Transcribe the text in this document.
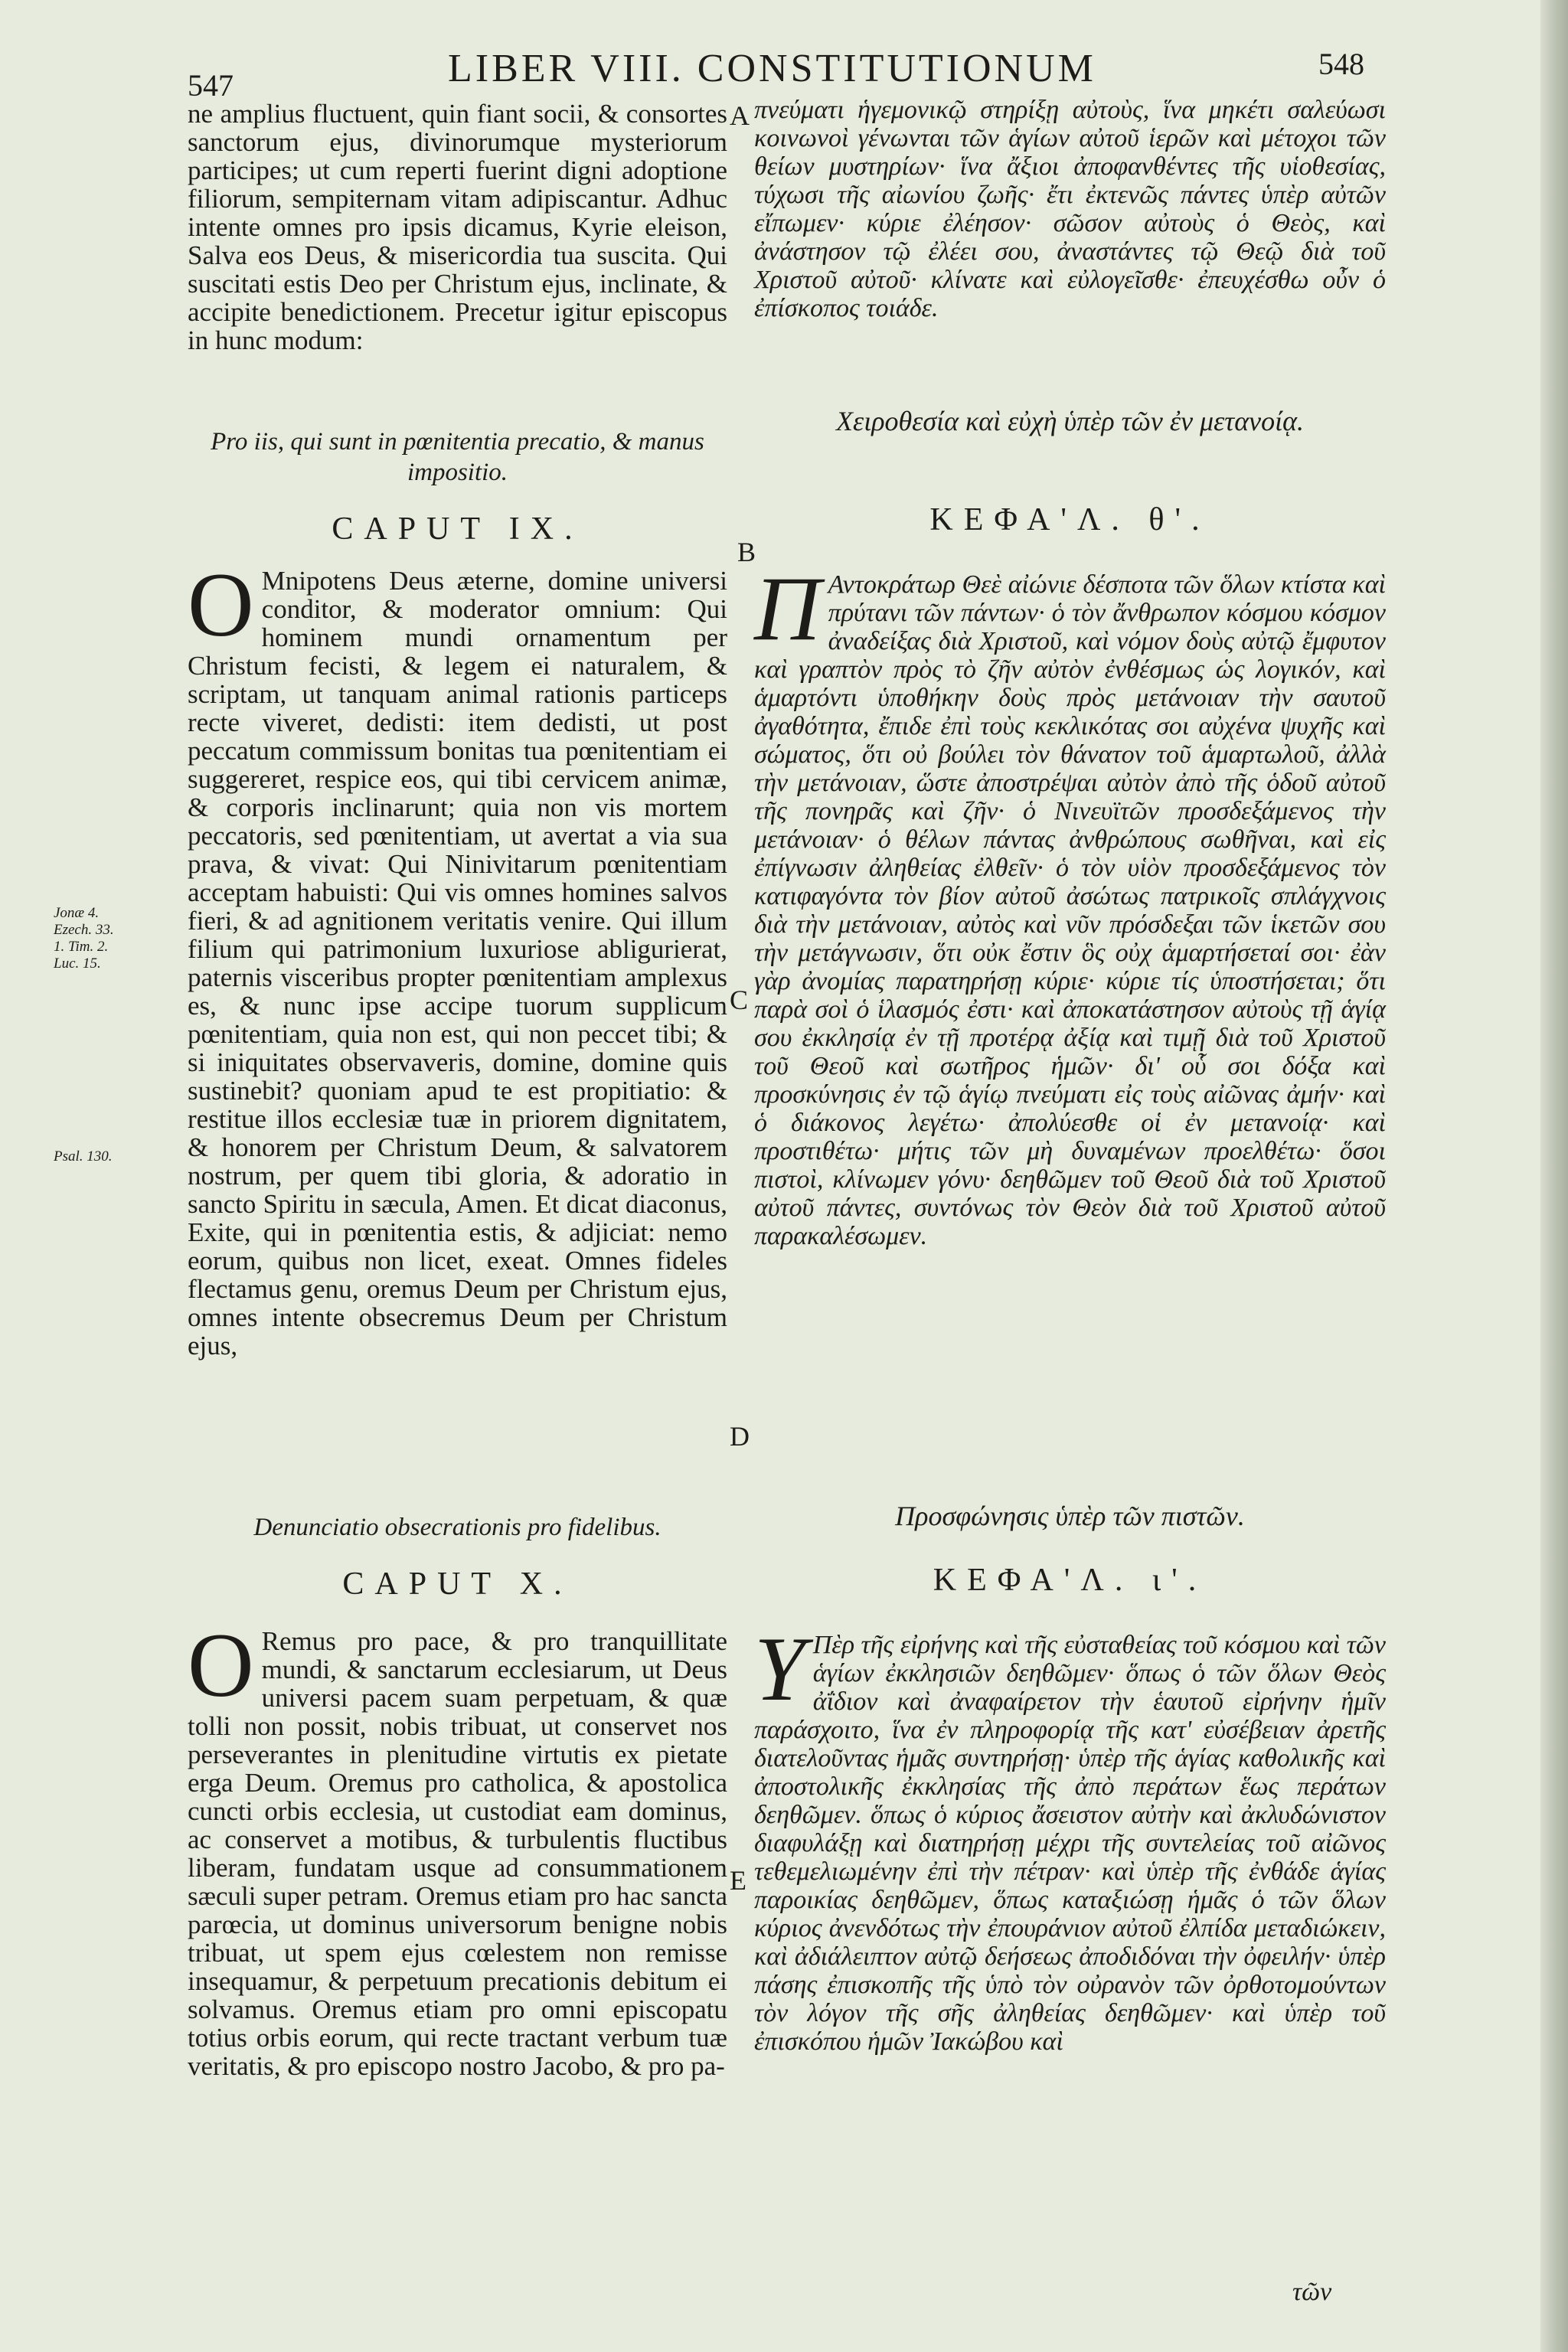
547	LIBER VIII. CONSTITUTIONUM	548

ne amplius fluctuent, quin fiant socii, & consortes sanctorum ejus, divinorumque mysteriorum participes; ut cum reperti fuerint digni adoptione filiorum, sempiternam vitam adipiscantur. Adhuc intente omnes pro ipsis dicamus, Kyrie eleison, Salva eos Deus, & misericordia tua suscita. Qui suscitati estis Deo per Christum ejus, inclinate, & accipite benedictionem. Precetur igitur episcopus in hunc modum:

Pro iis, qui sunt in pœnitentia precatio, & manus impositio.

CAPUT IX.

O Mnipotens Deus æterne, domine universi conditor, & moderator omnium: Qui hominem mundi ornamentum per Christum fecisti, & legem ei naturalem, & scriptam, ut tanquam animal rationis particeps recte viveret, dedisti: item dedisti, ut post peccatum commissum bonitas tua pœnitentiam ei suggereret, respice eos, qui tibi cervicem animæ, & corporis inclinarunt; quia non vis mortem peccatoris, sed pœnitentiam, ut avertat a via sua prava, & vivat: Qui Ninivitarum pœnitentiam acceptam habuisti: Qui vis omnes homines salvos fieri, & ad agnitionem veritatis venire. Qui illum filium qui patrimonium luxuriose abligurierat, paternis visceribus propter pœnitentiam amplexus es, & nunc ipse accipe tuorum supplicum pœnitentiam, quia non est, qui non peccet tibi; & si iniquitates observaveris, domine, domine quis sustinebit? quoniam apud te est propitiatio: & restitue illos ecclesiæ tuæ in priorem dignitatem, & honorem per Christum Deum, & salvatorem nostrum, per quem tibi gloria, & adoratio in sancto Spiritu in sæcula, Amen. Et dicat diaconus, Exite, qui in pœnitentia estis, & adjiciat: nemo eorum, quibus non licet, exeat. Omnes fideles flectamus genu, oremus Deum per Christum ejus, omnes intente obsecremus Deum per Christum ejus,

Denunciatio obsecrationis pro fidelibus.

CAPUT X.

O Remus pro pace, & pro tranquillitate mundi, & sanctarum ecclesiarum, ut Deus universi pacem suam perpetuam, & quæ tolli non possit, nobis tribuat, ut conservet nos perseverantes in plenitudine virtutis ex pietate erga Deum. Oremus pro catholica, & apostolica cuncti orbis ecclesia, ut custodiat eam dominus, ac conservet a motibus, & turbulentis fluctibus liberam, fundatam usque ad consummationem sæculi super petram. Oremus etiam pro hac sancta parœcia, ut dominus universorum benigne nobis tribuat, ut spem ejus cœlestem non remisse insequamur, & perpetuum precationis debitum ei solvamus. Oremus etiam pro omni episcopatu totius orbis eorum, qui recte tractant verbum tuæ veritatis, & pro episcopo nostro Jacobo, & pro pa-

Jonæ 4.
Ezech. 33.
1. Tim. 2.
Luc. 15.
Psal. 130.
A
B
C
D
E

πνεύματι ἡγεμονικῷ στηρίξῃ αὐτοὺς, ἵνα μηκέτι σαλεύωσι κοινωνοὶ γένωνται τῶν ἁγίων αὐτοῦ ἱερῶν καὶ μέτοχοι τῶν θείων μυστηρίων· ἵνα ἄξιοι ἀποφανθέντες τῆς υἱοθεσίας, τύχωσι τῆς αἰωνίου ζωῆς· ἔτι ἐκτενῶς πάντες ὑπὲρ αὐτῶν εἴπωμεν· κύριε ἐλέησον· σῶσον αὐτοὺς ὁ Θεὸς, καὶ ἀνάστησον τῷ ἐλέει σου, ἀναστάντες τῷ Θεῷ διὰ τοῦ Χριστοῦ αὐτοῦ· κλίνατε καὶ εὐλογεῖσθε· ἐπευχέσθω οὖν ὁ ἐπίσκοπος τοιάδε.

Χειροθεσία καὶ εὐχὴ ὑπὲρ τῶν ἐν μετανοίᾳ.

ΚΕΦΑ'Λ. θ'.

Π Αντοκράτωρ Θεὲ αἰώνιε δέσποτα τῶν ὅλων κτίστα καὶ πρύτανι τῶν πάντων· ὁ τὸν ἄνθρωπον κόσμου κόσμον ἀναδείξας διὰ Χριστοῦ, καὶ νόμον δοὺς αὐτῷ ἔμφυτον καὶ γραπτὸν πρὸς τὸ ζῆν αὐτὸν ἐνθέσμως ὡς λογικόν, καὶ ἁμαρτόντι ὑποθήκην δοὺς πρὸς μετάνοιαν τὴν σαυτοῦ ἀγαθότητα, ἔπιδε ἐπὶ τοὺς κεκλικότας σοι αὐχένα ψυχῆς καὶ σώματος, ὅτι οὐ βούλει τὸν θάνατον τοῦ ἁμαρτωλοῦ, ἀλλὰ τὴν μετάνοιαν, ὥστε ἀποστρέψαι αὐτὸν ἀπὸ τῆς ὁδοῦ αὐτοῦ τῆς πονηρᾶς καὶ ζῆν· ὁ Νινευϊτῶν προσδεξάμενος τὴν μετάνοιαν· ὁ θέλων πάντας ἀνθρώπους σωθῆναι, καὶ εἰς ἐπίγνωσιν ἀληθείας ἐλθεῖν· ὁ τὸν υἱὸν προσδεξάμενος τὸν κατιφαγόντα τὸν βίον αὐτοῦ ἀσώτως πατρικοῖς σπλάγχνοις διὰ τὴν μετάνοιαν, αὐτὸς καὶ νῦν πρόσδεξαι τῶν ἱκετῶν σου τὴν μετάγνωσιν, ὅτι οὐκ ἔστιν ὃς οὐχ ἁμαρτήσεταί σοι· ἐὰν γὰρ ἀνομίας παρατηρήσῃ κύριε· κύριε τίς ὑποστήσεται; ὅτι παρὰ σοὶ ὁ ἱλασμός ἐστι· καὶ ἀποκατάστησον αὐτοὺς τῇ ἁγίᾳ σου ἐκκλησίᾳ ἐν τῇ προτέρᾳ ἀξίᾳ καὶ τιμῇ διὰ τοῦ Χριστοῦ τοῦ Θεοῦ καὶ σωτῆρος ἡμῶν· δι' οὗ σοι δόξα καὶ προσκύνησις ἐν τῷ ἁγίῳ πνεύματι εἰς τοὺς αἰῶνας ἀμήν· καὶ ὁ διάκονος λεγέτω· ἀπολύεσθε οἱ ἐν μετανοίᾳ· καὶ προστιθέτω· μήτις τῶν μὴ δυναμένων προελθέτω· ὅσοι πιστοὶ, κλίνωμεν γόνυ· δεηθῶμεν τοῦ Θεοῦ διὰ τοῦ Χριστοῦ αὐτοῦ πάντες, συντόνως τὸν Θεὸν διὰ τοῦ Χριστοῦ αὐτοῦ παρακαλέσωμεν.

Προσφώνησις ὑπὲρ τῶν πιστῶν.

ΚΕΦΑ'Λ. ι'.

Υ Πὲρ τῆς εἰρήνης καὶ τῆς εὐσταθείας τοῦ κόσμου καὶ τῶν ἁγίων ἐκκλησιῶν δεηθῶμεν· ὅπως ὁ τῶν ὅλων Θεὸς ἀΐδιον καὶ ἀναφαίρετον τὴν ἑαυτοῦ εἰρήνην ἡμῖν παράσχοιτο, ἵνα ἐν πληροφορίᾳ τῆς κατ' εὐσέβειαν ἀρετῆς διατελοῦντας ἡμᾶς συντηρήσῃ· ὑπὲρ τῆς ἁγίας καθολικῆς καὶ ἀποστολικῆς ἐκκλησίας τῆς ἀπὸ περάτων ἕως περάτων δεηθῶμεν. ὅπως ὁ κύριος ἄσειστον αὐτὴν καὶ ἀκλυδώνιστον διαφυλάξῃ καὶ διατηρήσῃ μέχρι τῆς συντελείας τοῦ αἰῶνος τεθεμελιωμένην ἐπὶ τὴν πέτραν· καὶ ὑπὲρ τῆς ἐνθάδε ἁγίας παροικίας δεηθῶμεν, ὅπως καταξιώσῃ ἡμᾶς ὁ τῶν ὅλων κύριος ἀνενδότως τὴν ἐπουράνιον αὐτοῦ ἐλπίδα μεταδιώκειν, καὶ ἀδιάλειπτον αὐτῷ δεήσεως ἀποδιδόναι τὴν ὀφειλήν· ὑπὲρ πάσης ἐπισκοπῆς τῆς ὑπὸ τὸν οὐρανὸν τῶν ὀρθοτομούντων τὸν λόγον τῆς σῆς ἀληθείας δεηθῶμεν· καὶ ὑπὲρ τοῦ ἐπισκόπου ἡμῶν Ἰακώβου καὶ

τῶν
